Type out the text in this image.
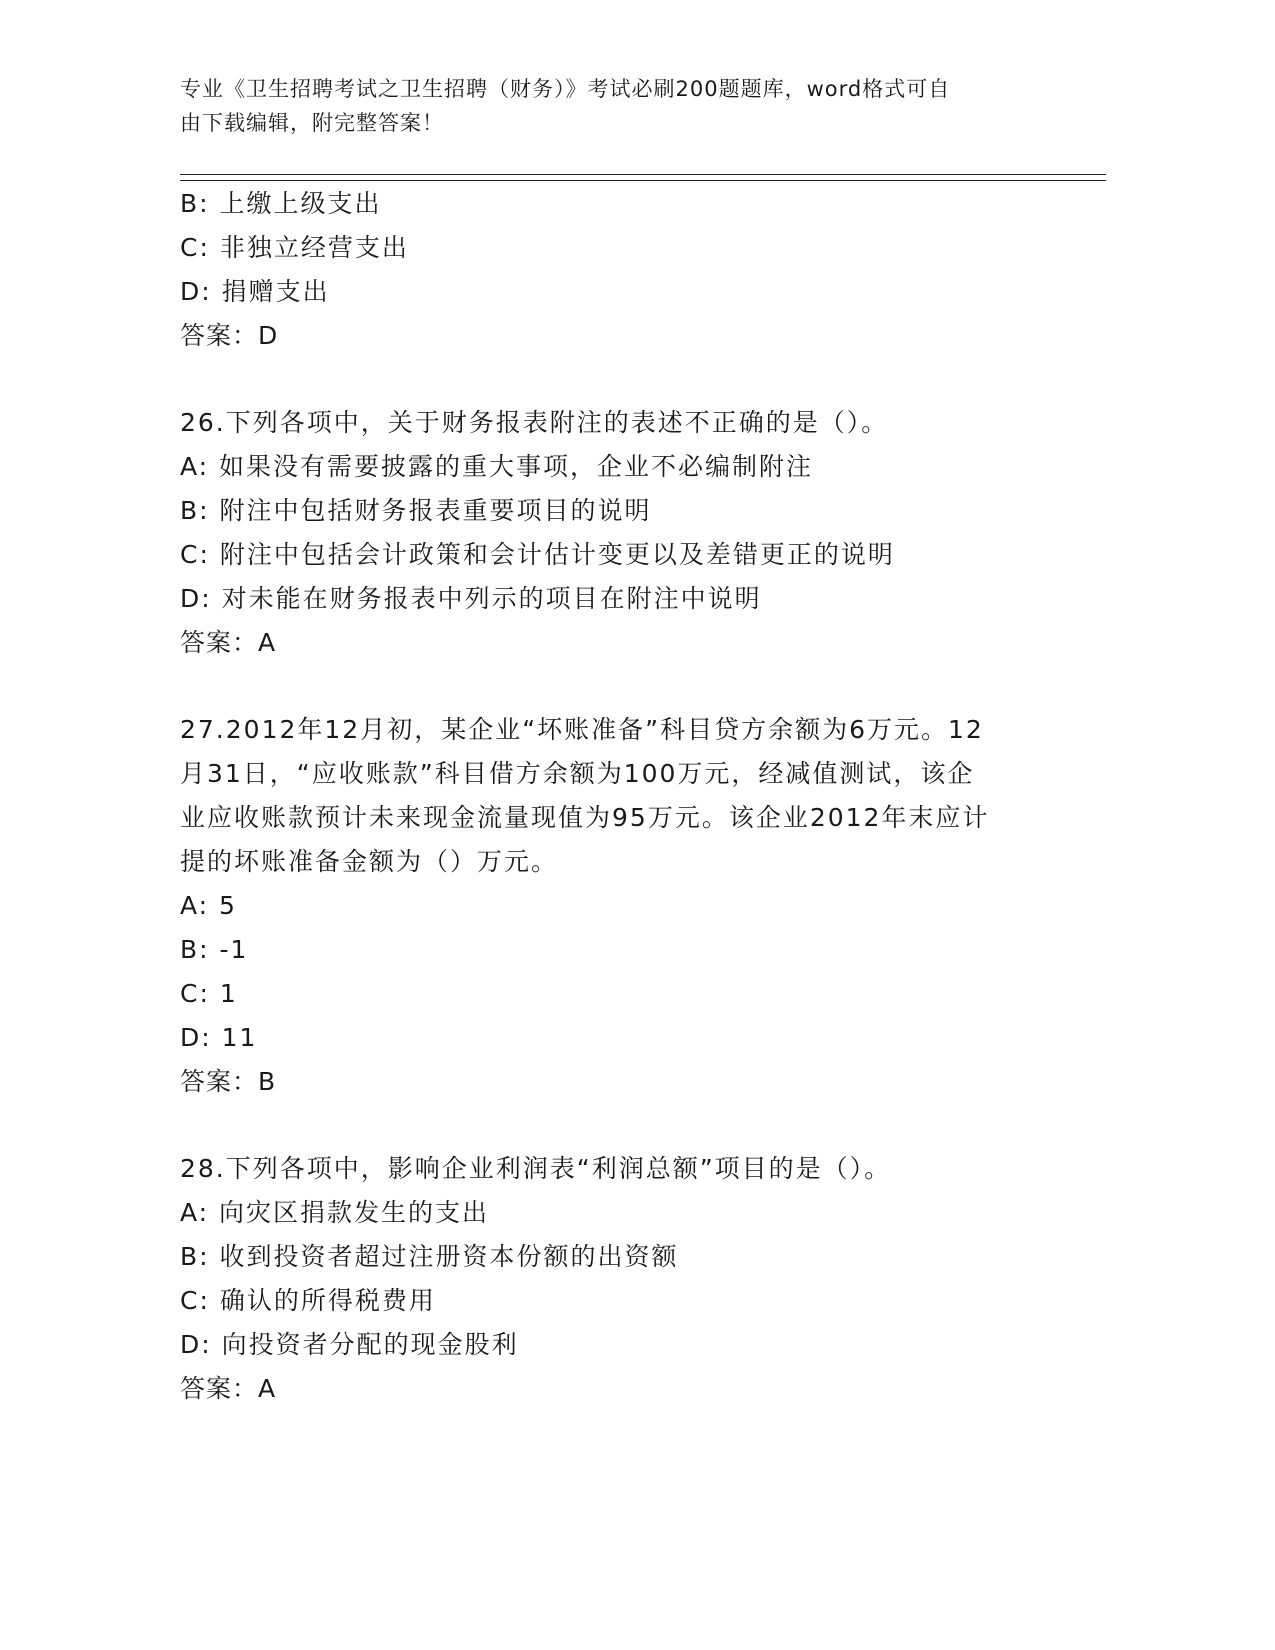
专业《卫生招聘考试之卫生招聘（财务）》考试必刷200题题库，word格式可自
由下载编辑，附完整答案！
B: 上缴上级支出
C: 非独立经营支出
D: 捐赠支出
答案：D
26.下列各项中，关于财务报表附注的表述不正确的是（）。
A: 如果没有需要披露的重大事项，企业不必编制附注
B: 附注中包括财务报表重要项目的说明
C: 附注中包括会计政策和会计估计变更以及差错更正的说明
D: 对未能在财务报表中列示的项目在附注中说明
答案：A
27.2012年12月初，某企业“坏账准备”科目贷方余额为6万元。12
月31日，“应收账款”科目借方余额为100万元，经减值测试，该企
业应收账款预计未来现金流量现值为95万元。该企业2012年末应计
提的坏账准备金额为（）万元。
A: 5
B: -1
C: 1
D: 11
答案：B
28.下列各项中，影响企业利润表“利润总额”项目的是（）。
A: 向灾区捐款发生的支出
B: 收到投资者超过注册资本份额的出资额
C: 确认的所得税费用
D: 向投资者分配的现金股利
答案：A
